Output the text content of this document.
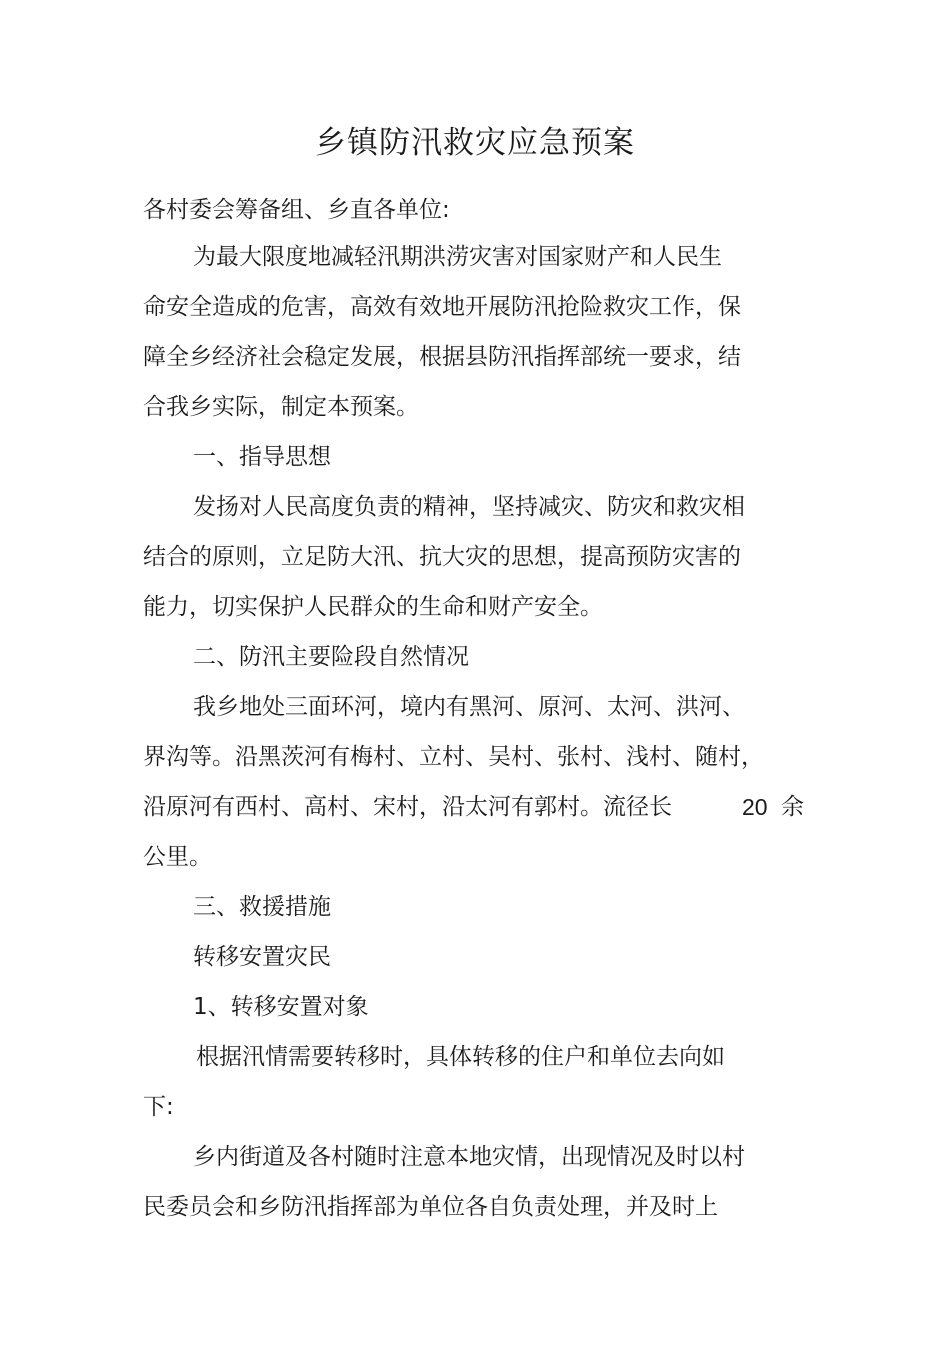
乡镇防汛救灾应急预案
各村委会筹备组、乡直各单位:
为最大限度地减轻汛期洪涝灾害对国家财产和人民生
命安全造成的危害，高效有效地开展防汛抢险救灾工作，保
障全乡经济社会稳定发展，根据县防汛指挥部统一要求，结
合我乡实际，制定本预案。
一、指导思想
发扬对人民高度负责的精神，坚持减灾、防灾和救灾相
结合的原则，立足防大汛、抗大灾的思想，提高预防灾害的
能力，切实保护人民群众的生命和财产安全。
二、防汛主要险段自然情况
我乡地处三面环河，境内有黑河、原河、太河、洪河、
界沟等。沿黑茨河有梅村、立村、吴村、张村、浅村、随村，
沿原河有西村、高村、宋村，沿太河有郭村。流径长	20 余
公里。
三、救援措施
转移安置灾民
1、转移安置对象
根据汛情需要转移时，具体转移的住户和单位去向如
下:
乡内街道及各村随时注意本地灾情，出现情况及时以村
民委员会和乡防汛指挥部为单位各自负责处理，并及时上
